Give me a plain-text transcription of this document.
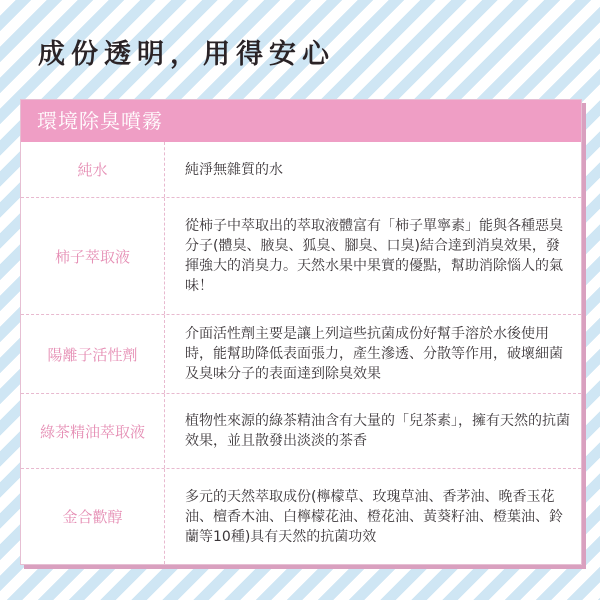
成份透明，用得安心
環境除臭噴霧
純水	純淨無雜質的水
柿子萃取液
從柿子中萃取出的萃取液體富有「柿子單寧素」能與各種惡臭分子(體臭、腋臭、狐臭、腳臭、口臭)結合達到消臭效果，發揮強大的消臭力。天然水果中果實的優點，幫助消除惱人的氣味！
陽離子活性劑
介面活性劑主要是讓上列這些抗菌成份好幫手溶於水後使用時，能幫助降低表面張力，產生滲透、分散等作用，破壞細菌及臭味分子的表面達到除臭效果
綠茶精油萃取液
植物性來源的綠茶精油含有大量的「兒茶素」，擁有天然的抗菌效果，並且散發出淡淡的茶香
金合歡醇
多元的天然萃取成份(檸檬草、玫瑰草油、香茅油、晚香玉花油、檀香木油、白檸檬花油、橙花油、黃葵籽油、橙葉油、鈴蘭等10種)具有天然的抗菌功效
